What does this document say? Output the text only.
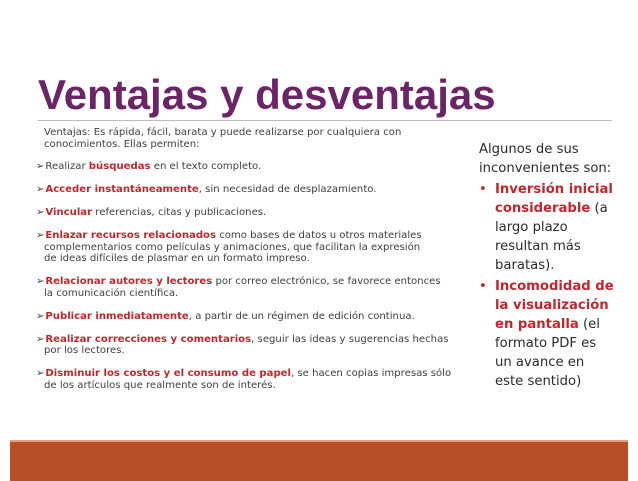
Ventajas y desventajas
Ventajas: Es rápida, fácil, barata y puede realizarse por cualquiera con
conocimientos. Ellas permiten:
➢Realizar búsquedas en el texto completo.
➢Acceder instantáneamente, sin necesidad de desplazamiento.
➢Vincular referencias, citas y publicaciones.
➢Enlazar recursos relacionados como bases de datos u otros materiales
complementarios como películas y animaciones, que facilitan la expresión
de ideas difíciles de plasmar en un formato impreso.
➢Relacionar autores y lectores por correo electrónico, se favorece entonces
la comunicación científica.
➢Publicar inmediatamente, a partir de un régimen de edición continua.
➢Realizar correcciones y comentarios, seguir las ideas y sugerencias hechas
por los lectores.
➢Disminuir los costos y el consumo de papel, se hacen copias impresas sólo
de los artículos que realmente son de interés.
Algunos de sus inconvenientes son:
• Inversión inicial considerable (a largo plazo resultan más baratas).
• Incomodidad de la visualización en pantalla (el formato PDF es un avance en este sentido)
